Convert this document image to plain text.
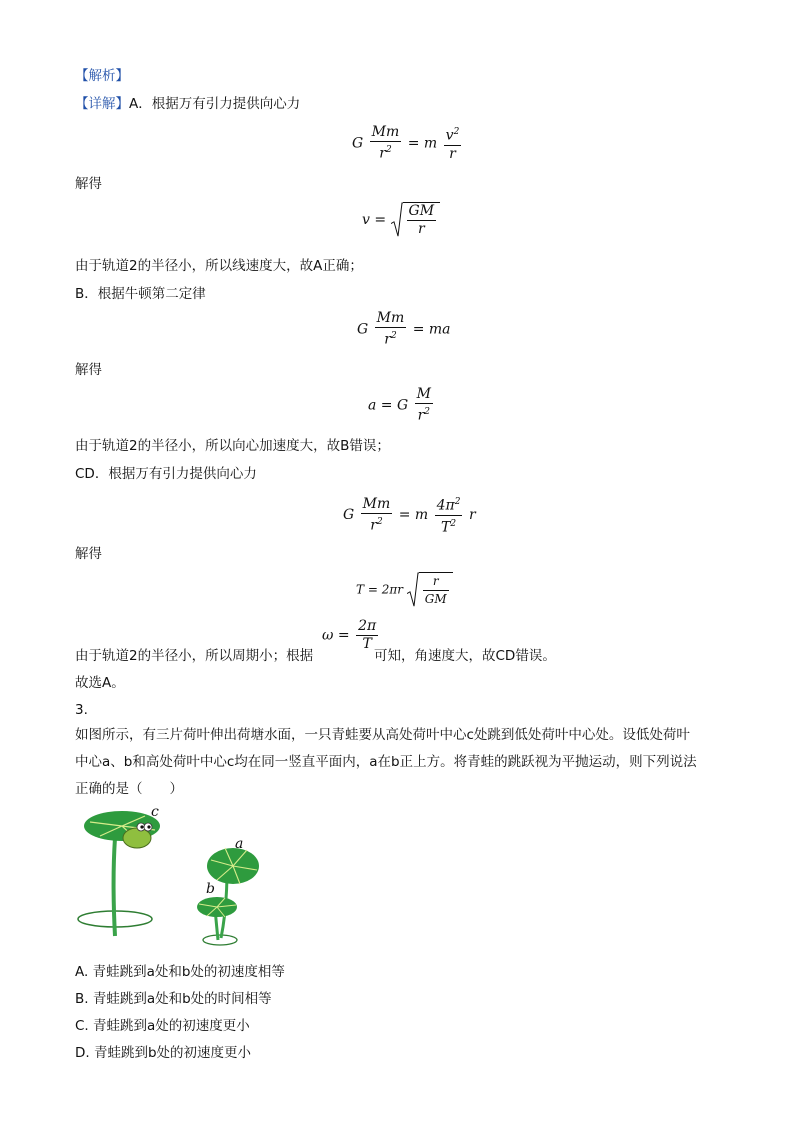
【解析】
【详解】A．根据万有引力提供向心力
G $\frac{Mm}{r^2} = m \frac{v^2}{r}$
解得
$v = \frac{GM}{r}$
由于轨道2的半径小，所以线速度大，故A正确；
B．根据牛顿第二定律
G $\frac{Mm}{r^2}$ = ma
解得
a = G $\frac{M}{r^2}$
由于轨道2的半径小，所以向心加速度大，故B错误；
CD．根据万有引力提供向心力
G $\frac{Mm}{r^2} = m \frac{4\pi^2}{T^2}$ r
解得
$T = 2\pi r \frac{r}{GM}$
由于轨道2的半径小，所以周期小；根据
$\omega = \frac{2\pi}{T}$
可知，角速度大，故CD错误。
故选A。
3.
如图所示，有三片荷叶伸出荷塘水面，一只青蛙要从高处荷叶中心c处跳到低处荷叶中心处。设低处荷叶
中心a、b和高处荷叶中心c均在同一竖直平面内，a在b正上方。将青蛙的跳跃视为平抛运动，则下列说法
正确的是（　　）
c
a
b
A. 青蛙跳到a处和b处的初速度相等
B. 青蛙跳到a处和b处的时间相等
C. 青蛙跳到a处的初速度更小
D. 青蛙跳到b处的初速度更小
